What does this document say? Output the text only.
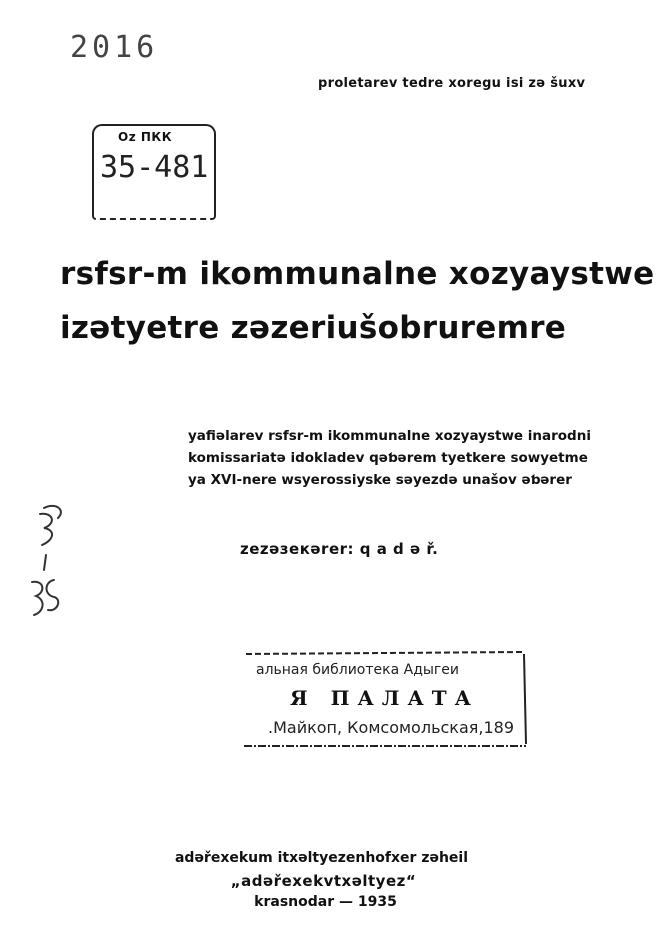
2016
proletarev tedre xoregu isi zə šuxv
Oz ПКК
35-481
rsfsr-m ikommunalne xozyaystwe
izətyetre zəzeriušobrurеmre
yafiəlarev rsfsr-m ikommunalne xozyaystwe inarodni
komissariatə idokladev qəƅərem tyetkere sowyetme
ya XVI-nere wsyerossiyske səyezdə unašov əƅərer
zezəзeкərer: q a d ə ř.
альная библиотека Адыгеи
Я ПАЛАТА
.Майкоп, Комсомольская,189
adəřexekum itxəltyezenhofxer zəheil
„adəřexekvtxəltyez“
krasnodar — 1935
